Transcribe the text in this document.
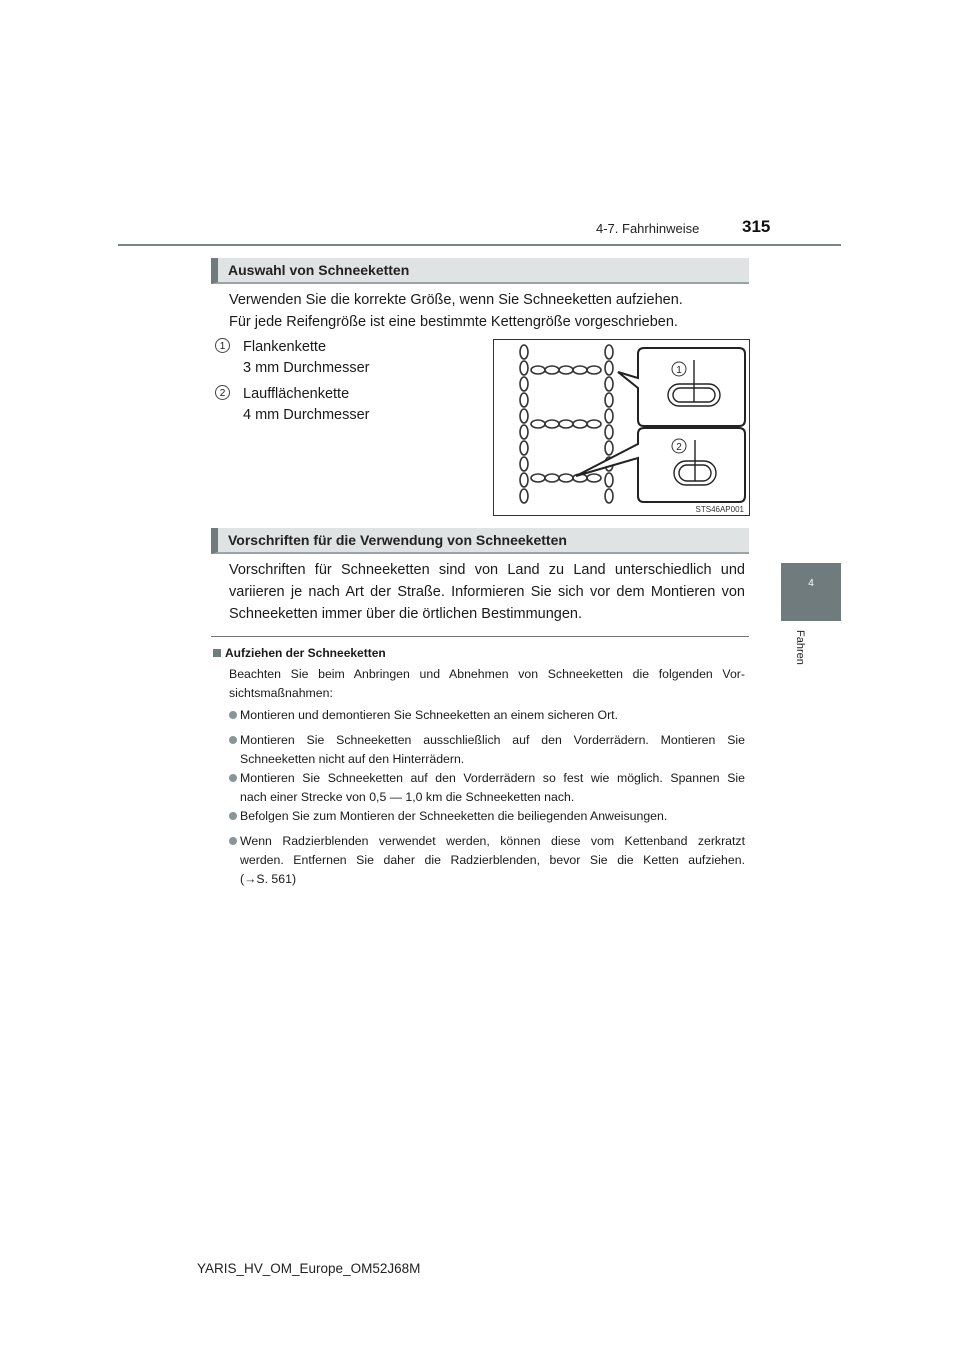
4-7. Fahrhinweise	315
4
Fahren
Auswahl von Schneeketten
Verwenden Sie die korrekte Größe, wenn Sie Schneeketten aufziehen.
Für jede Reifengröße ist eine bestimmte Kettengröße vorgeschrieben.
1	Flankenkette
3 mm Durchmesser
2	Laufflächenkette
4 mm Durchmesser
1
2
STS46AP001
Vorschriften für die Verwendung von Schneeketten
Vorschriften für Schneeketten sind von Land zu Land unterschiedlich und
variieren je nach Art der Straße. Informieren Sie sich vor dem Montieren von
Schneeketten immer über die örtlichen Bestimmungen.
Aufziehen der Schneeketten
Beachten Sie beim Anbringen und Abnehmen von Schneeketten die folgenden Vor-
sichtsmaßnahmen:
Montieren und demontieren Sie Schneeketten an einem sicheren Ort.
Montieren Sie Schneeketten ausschließlich auf den Vorderrädern. Montieren Sie
Schneeketten nicht auf den Hinterrädern.
Montieren Sie Schneeketten auf den Vorderrädern so fest wie möglich. Spannen Sie
nach einer Strecke von 0,5 — 1,0 km die Schneeketten nach.
Befolgen Sie zum Montieren der Schneeketten die beiliegenden Anweisungen.
Wenn Radzierblenden verwendet werden, können diese vom Kettenband zerkratzt
werden. Entfernen Sie daher die Radzierblenden, bevor Sie die Ketten aufziehen.
(→S. 561)
YARIS_HV_OM_Europe_OM52J68M
